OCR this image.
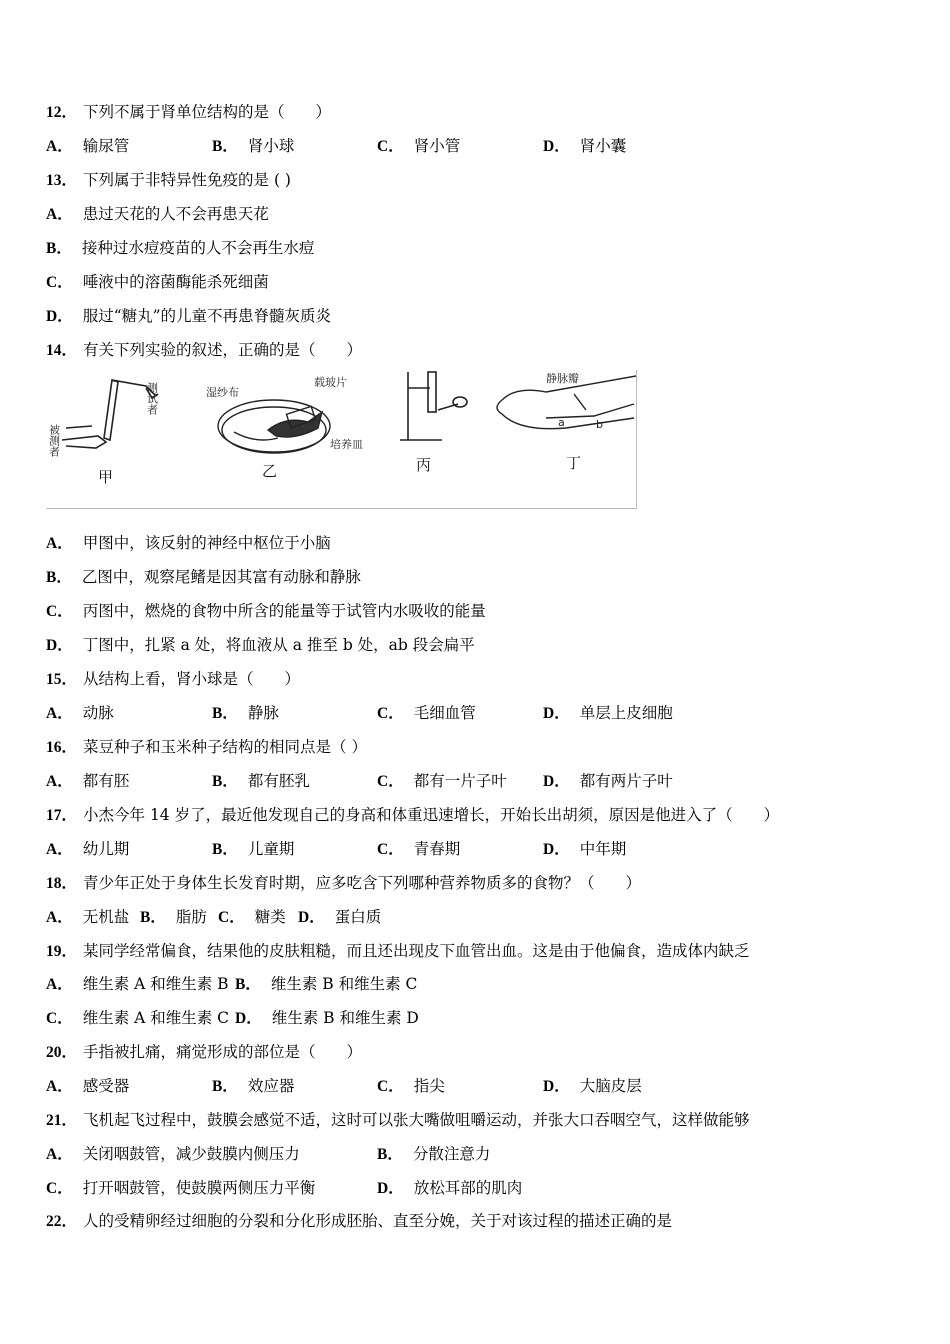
12． 下列不属于肾单位结构的是（　　）
A． 输尿管	B． 肾小球	C． 肾小管	D． 肾小囊
13． 下列属于非特异性免疫的是 ( )
A． 患过天花的人不会再患天花
B． 接种过水痘疫苗的人不会再生水痘
C． 唾液中的溶菌酶能杀死细菌
D． 服过“糖丸”的儿童不再患脊髓灰质炎
14． 有关下列实验的叙述，正确的是（　　）
测试者
被测者
甲
湿纱布
载玻片
培养皿
乙	丙
静脉瓣
a	b
丁
A． 甲图中，该反射的神经中枢位于小脑
B． 乙图中，观察尾鳍是因其富有动脉和静脉
C． 丙图中，燃烧的食物中所含的能量等于试管内水吸收的能量
D． 丁图中，扎紧 a 处，将血液从 a 推至 b 处，ab 段会扁平
15． 从结构上看，肾小球是（　　）
A． 动脉	B． 静脉	C． 毛细血管	D． 单层上皮细胞
16． 菜豆种子和玉米种子结构的相同点是（ ）
A． 都有胚	B． 都有胚乳	C． 都有一片子叶 D． 都有两片子叶
17． 小杰今年 14 岁了，最近他发现自己的身高和体重迅速增长，开始长出胡须，原因是他进入了（　　）
A． 幼儿期	B． 儿童期	C． 青春期	D． 中年期
18． 青少年正处于身体生长发育时期，应多吃含下列哪种营养物质多的食物？（　　）
A． 无机盐 B． 脂肪 C． 糖类 D． 蛋白质
19． 某同学经常偏食，结果他的皮肤粗糙，而且还出现皮下血管出血。这是由于他偏食，造成体内缺乏
A． 维生素 A 和维生素 B B． 维生素 B 和维生素 C
C． 维生素 A 和维生素 C D． 维生素 B 和维生素 D
20． 手指被扎痛，痛觉形成的部位是（　　）
A． 感受器	B． 效应器	C． 指尖	D． 大脑皮层
21． 飞机起飞过程中，鼓膜会感觉不适，这时可以张大嘴做咀嚼运动，并张大口吞咽空气，这样做能够
A． 关闭咽鼓管，减少鼓膜内侧压力	B． 分散注意力
C． 打开咽鼓管，使鼓膜两侧压力平衡	D． 放松耳部的肌肉
22． 人的受精卵经过细胞的分裂和分化形成胚胎、直至分娩，关于对该过程的描述正确的是
